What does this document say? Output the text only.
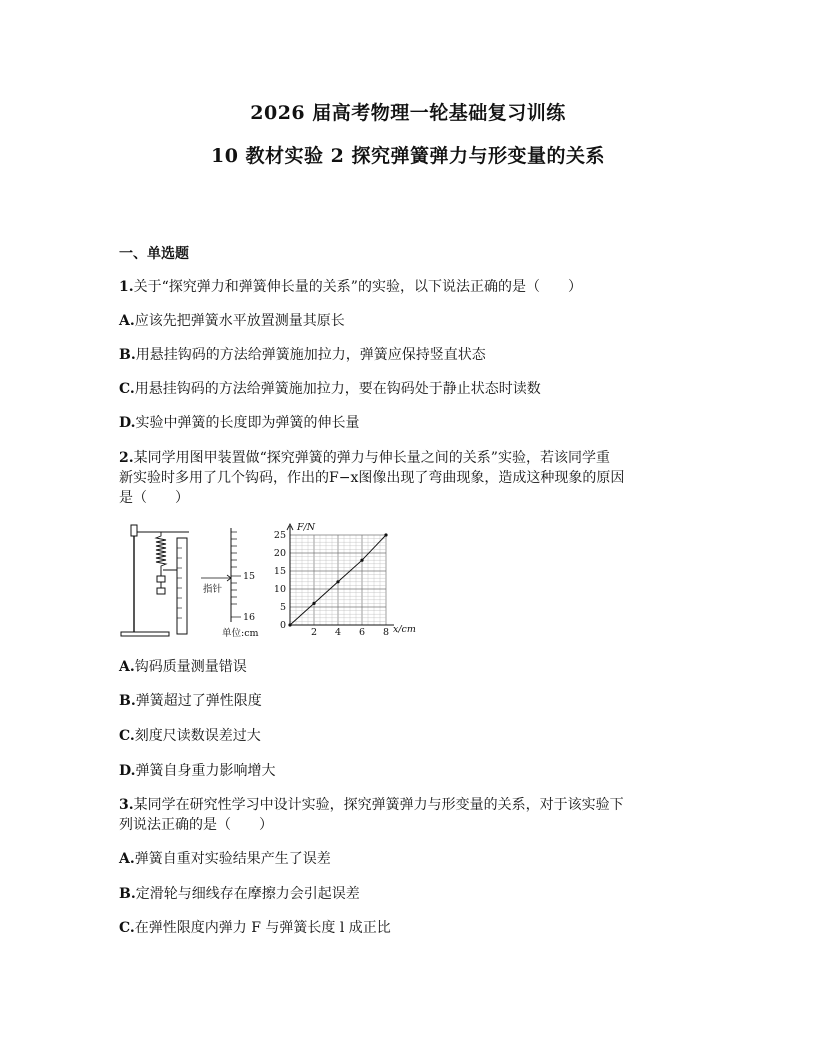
2026 届高考物理一轮基础复习训练
10 教材实验 2 探究弹簧弹力与形变量的关系
一、单选题
1.关于“探究弹力和弹簧伸长量的关系”的实验，以下说法正确的是（　　）
A.应该先把弹簧水平放置测量其原长
B.用悬挂钩码的方法给弹簧施加拉力，弹簧应保持竖直状态
C.用悬挂钩码的方法给弹簧施加拉力，要在钩码处于静止状态时读数
D.实验中弹簧的长度即为弹簧的伸长量
2.某同学用图甲装置做“探究弹簧的弹力与伸长量之间的关系”实验，若该同学重
新实验时多用了几个钩码，作出的F−x图像出现了弯曲现象，造成这种现象的原因
是（　　）
指针
15
16
单位:cm
0
5
10
15
20
25
2 4 6 8
F/N
x/cm
A.钩码质量测量错误
B.弹簧超过了弹性限度
C.刻度尺读数误差过大
D.弹簧自身重力影响增大
3.某同学在研究性学习中设计实验，探究弹簧弹力与形变量的关系，对于该实验下
列说法正确的是（　　）
A.弹簧自重对实验结果产生了误差
B.定滑轮与细线存在摩擦力会引起误差
C.在弹性限度内弹力 F 与弹簧长度 l 成正比
